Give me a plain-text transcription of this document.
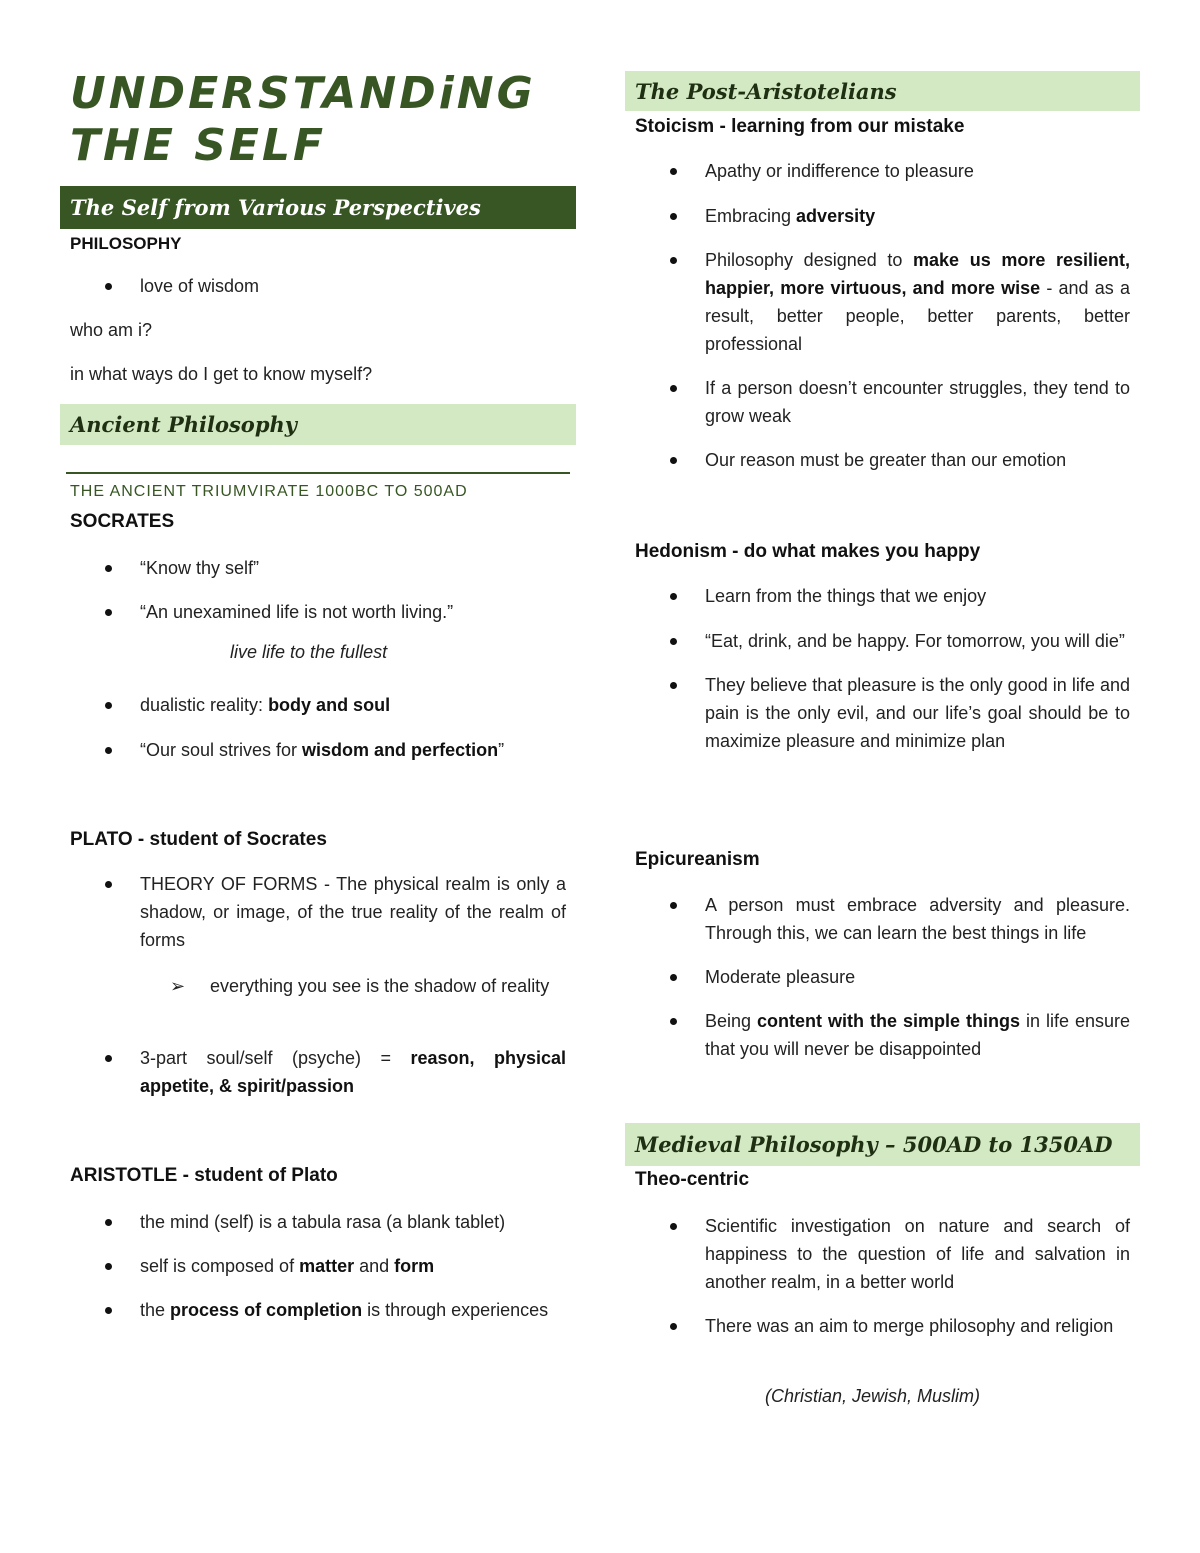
UNDERSTANDiNG
THE SELF
The Self from Various Perspectives
PHILOSOPHY
love of wisdom
who am i?
in what ways do I get to know myself?
Ancient Philosophy
THE ANCIENT TRIUMVIRATE 1000BC TO 500AD
SOCRATES
“Know thy self”
“An unexamined life is not worth living.”
live life to the fullest
dualistic reality: body and soul
“Our soul strives for wisdom and perfection”
PLATO - student of Socrates
THEORY OF FORMS - The physical realm is only a shadow, or image, of the true reality of the realm of forms
➢ everything you see is the shadow of reality
3-part soul/self (psyche) = reason, physical appetite, & spirit/passion
ARISTOTLE - student of Plato
the mind (self) is a tabula rasa (a blank tablet)
self is composed of matter and form
the process of completion is through experiences
The Post-Aristotelians
Stoicism - learning from our mistake
Apathy or indifference to pleasure
Embracing adversity
Philosophy designed to make us more resilient, happier, more virtuous, and more wise - and as a result, better people, better parents, better professional
If a person doesn’t encounter struggles, they tend to grow weak
Our reason must be greater than our emotion
Hedonism - do what makes you happy
Learn from the things that we enjoy
“Eat, drink, and be happy. For tomorrow, you will die”
They believe that pleasure is the only good in life and pain is the only evil, and our life’s goal should be to maximize pleasure and minimize plan
Epicureanism
A person must embrace adversity and pleasure. Through this, we can learn the best things in life
Moderate pleasure
Being content with the simple things in life ensure that you will never be disappointed
Medieval Philosophy – 500AD to 1350AD
Theo-centric
Scientific investigation on nature and search of happiness to the question of life and salvation in another realm, in a better world
There was an aim to merge philosophy and religion
(Christian, Jewish, Muslim)
